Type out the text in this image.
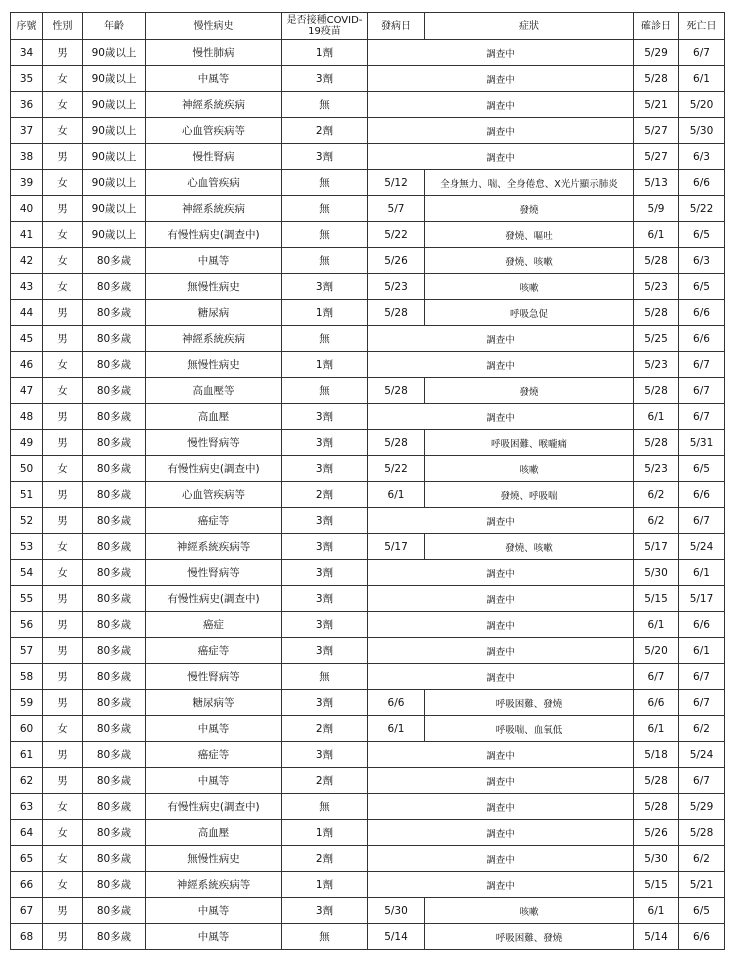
序號	性別	年齡	慢性病史	是否接種COVID-19疫苗	發病日	症狀	確診日	死亡日
34	男	90歲以上	慢性肺病	1劑	調查中		5/29	6/7
35	女	90歲以上	中風等	3劑	調查中		5/28	6/1
36	女	90歲以上	神經系統疾病	無	調查中		5/21	5/20
37	女	90歲以上	心血管疾病等	2劑	調查中		5/27	5/30
38	男	90歲以上	慢性腎病	3劑	調查中		5/27	6/3
39	女	90歲以上	心血管疾病	無	5/12	全身無力、喘、全身倦怠、X光片顯示肺炎	5/13	6/6
40	男	90歲以上	神經系統疾病	無	5/7	發燒	5/9	5/22
41	女	90歲以上	有慢性病史(調查中)	無	5/22	發燒、嘔吐	6/1	6/5
42	女	80多歲	中風等	無	5/26	發燒、咳嗽	5/28	6/3
43	女	80多歲	無慢性病史	3劑	5/23	咳嗽	5/23	6/5
44	男	80多歲	糖尿病	1劑	5/28	呼吸急促	5/28	6/6
45	男	80多歲	神經系統疾病	無	調查中		5/25	6/6
46	女	80多歲	無慢性病史	1劑	調查中		5/23	6/7
47	女	80多歲	高血壓等	無	5/28	發燒	5/28	6/7
48	男	80多歲	高血壓	3劑	調查中		6/1	6/7
49	男	80多歲	慢性腎病等	3劑	5/28	呼吸困難、喉嚨痛	5/28	5/31
50	女	80多歲	有慢性病史(調查中)	3劑	5/22	咳嗽	5/23	6/5
51	男	80多歲	心血管疾病等	2劑	6/1	發燒、呼吸喘	6/2	6/6
52	男	80多歲	癌症等	3劑	調查中		6/2	6/7
53	女	80多歲	神經系統疾病等	3劑	5/17	發燒、咳嗽	5/17	5/24
54	女	80多歲	慢性腎病等	3劑	調查中		5/30	6/1
55	男	80多歲	有慢性病史(調查中)	3劑	調查中		5/15	5/17
56	男	80多歲	癌症	3劑	調查中		6/1	6/6
57	男	80多歲	癌症等	3劑	調查中		5/20	6/1
58	男	80多歲	慢性腎病等	無	調查中		6/7	6/7
59	男	80多歲	糖尿病等	3劑	6/6	呼吸困難、發燒	6/6	6/7
60	女	80多歲	中風等	2劑	6/1	呼吸喘、血氧低	6/1	6/2
61	男	80多歲	癌症等	3劑	調查中		5/18	5/24
62	男	80多歲	中風等	2劑	調查中		5/28	6/7
63	女	80多歲	有慢性病史(調查中)	無	調查中		5/28	5/29
64	女	80多歲	高血壓	1劑	調查中		5/26	5/28
65	女	80多歲	無慢性病史	2劑	調查中		5/30	6/2
66	女	80多歲	神經系統疾病等	1劑	調查中		5/15	5/21
67	男	80多歲	中風等	3劑	5/30	咳嗽	6/1	6/5
68	男	80多歲	中風等	無	5/14	呼吸困難、發燒	5/14	6/6
